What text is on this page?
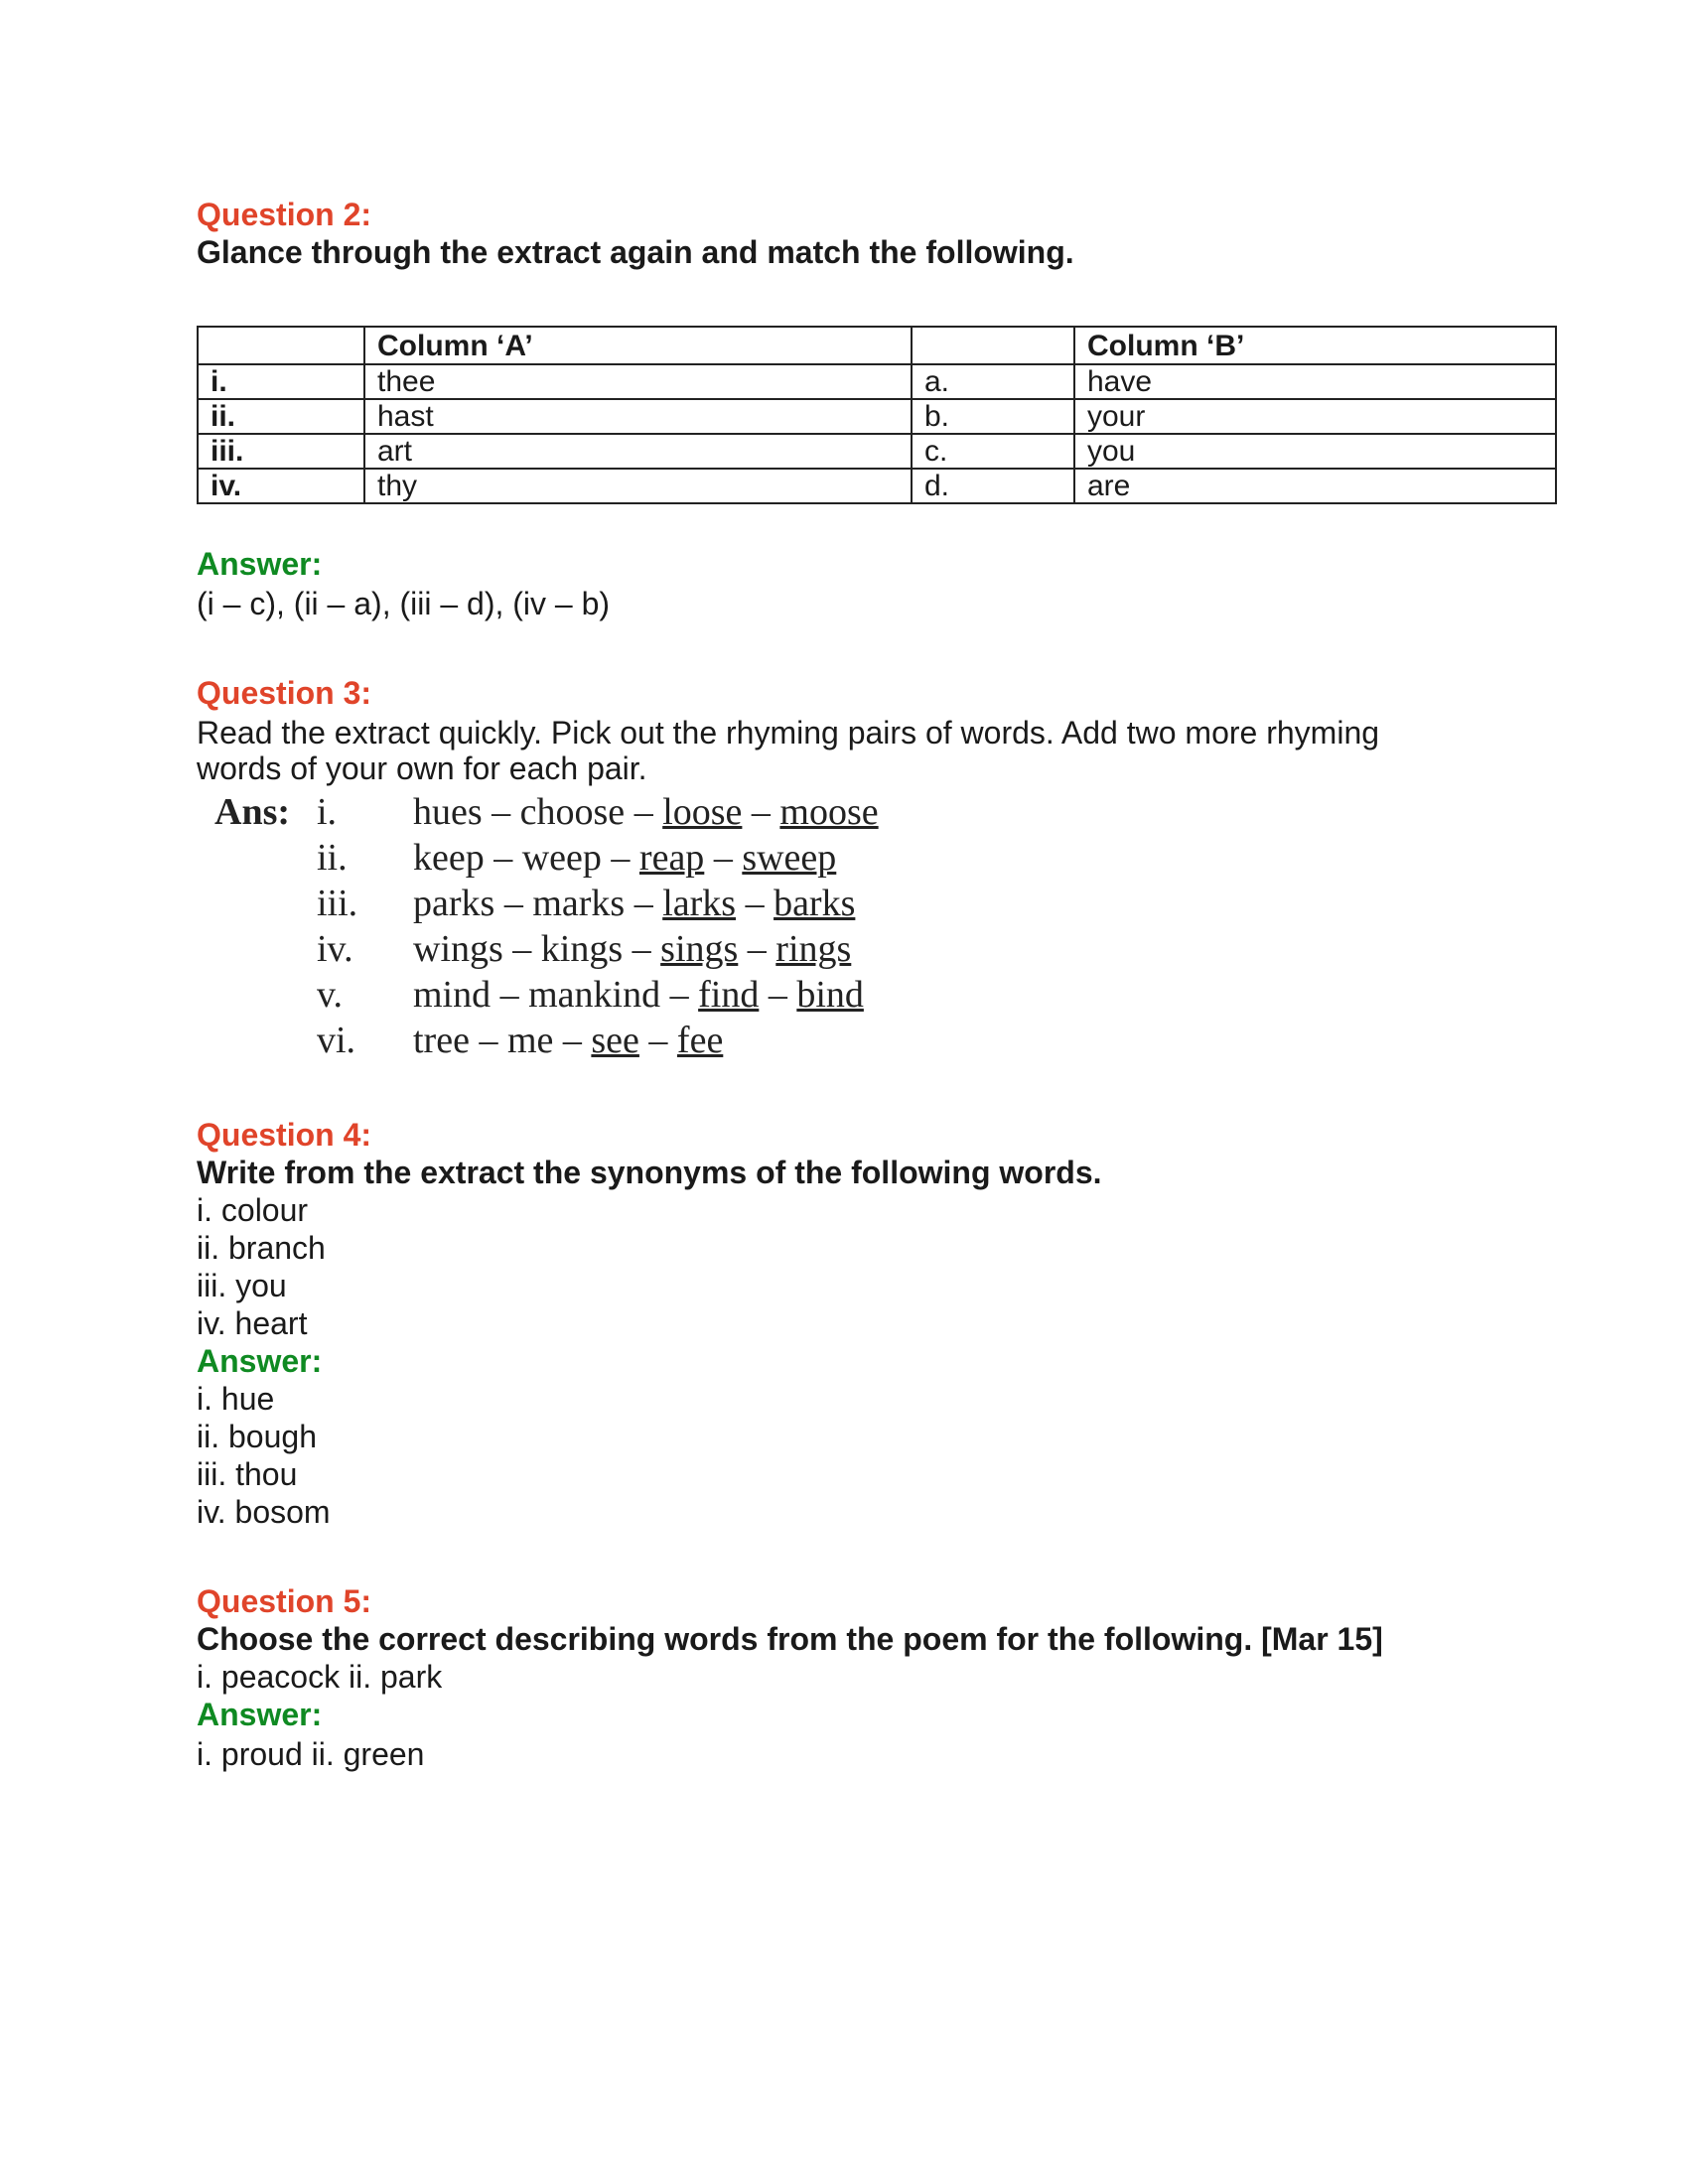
Question 2:
Glance through the extract again and match the following.
	Column ‘A’		Column ‘B’
i.	thee	a.	have
ii.	hast	b.	your
iii.	art	c.	you
iv.	thy	d.	are
Answer:
(i – c), (ii – a), (iii – d), (iv – b)
Question 3:
Read the extract quickly. Pick out the rhyming pairs of words. Add two more rhyming
words of your own for each pair.
Ans: i. hues – choose – loose – moose
ii. keep – weep – reap – sweep
iii. parks – marks – larks – barks
iv. wings – kings – sings – rings
v. mind – mankind – find – bind
vi. tree – me – see – fee
Question 4:
Write from the extract the synonyms of the following words.
i. colour
ii. branch
iii. you
iv. heart
Answer:
i. hue
ii. bough
iii. thou
iv. bosom
Question 5:
Choose the correct describing words from the poem for the following. [Mar 15]
i. peacock ii. park
Answer:
i. proud ii. green
